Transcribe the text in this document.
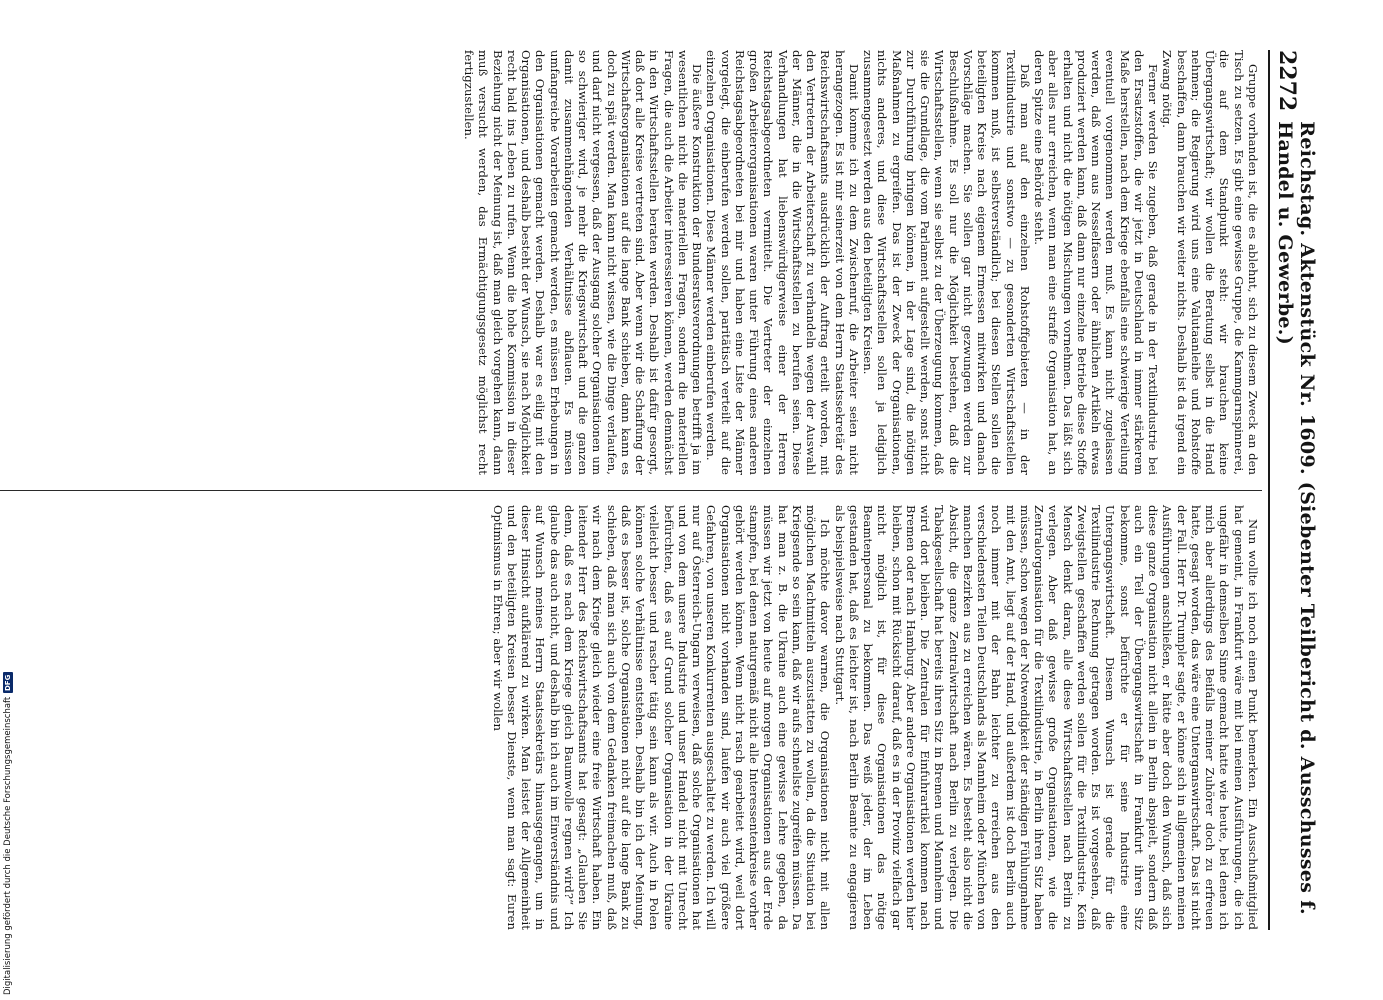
2272
Reichstag. Aktenstück Nr. 1609. (Siebenter Teilbericht d. Ausschusses f. Handel u. Gewerbe.)

Gruppe vorhanden ist, die es ablehnt, sich zu diesem Zweck an den Tisch zu setzen. Es gibt eine gewisse Gruppe, die Kammgarnspinnerei, die auf dem Standpunkt steht: wir brauchen keine Übergangswirtschaft; wir wollen die Beratung selbst in die Hand nehmen; die Regierung wird uns eine Valutaanleihe und Rohstoffe beschaffen, dann brauchen wir weiter nichts. Deshalb ist da irgend ein Zwang nötig.

Ferner werden Sie zugeben, daß gerade in der Textilindustrie bei den Ersatzstoffen, die wir jetzt in Deutschland in immer stärkerem Maße herstellen, nach dem Kriege ebenfalls eine schwierige Verteilung eventuell vorgenommen werden muß. Es kann nicht zugelassen werden, daß wenn aus Nesselfasern oder ähnlichen Artikeln etwas produziert werden kann, daß dann nur einzelne Betriebe diese Stoffe erhalten und nicht die nötigen Mischungen vornehmen. Das läßt sich aber alles nur erreichen, wenn man eine straffe Organisation hat, an deren Spitze eine Behörde steht.

Daß man auf den einzelnen Rohstoffgebieten — in der Textilindustrie und sonstwo — zu gesonderten Wirtschaftsstellen kommen muß, ist selbstverständlich; bei diesen Stellen sollen die beteiligten Kreise nach eigenem Ermessen mitwirken und danach Vorschläge machen. Sie sollen gar nicht gezwungen werden zur Beschlußnahme. Es soll nur die Möglichkeit bestehen, daß die Wirtschaftsstellen, wenn sie selbst zu der Überzeugung kommen, daß sie die Grundlage, die vom Parlament aufgestellt werden, sonst nicht zur Durchführung bringen können, in der Lage sind, die nötigen Maßnahmen zu ergreifen. Das ist der Zweck der Organisationen, nichts anderes, und diese Wirtschaftsstellen sollen ja lediglich zusammengesetzt werden aus den beteiligten Kreisen.

Damit komme ich zu dem Zwischenruf, die Arbeiter seien nicht herangezogen. Es ist mir seinerzeit von dem Herrn Staatssekretär des Reichswirtschaftsamts ausdrücklich der Auftrag erteilt worden, mit den Vertretern der Arbeiterschaft zu verhandeln wegen der Auswahl der Männer, die in die Wirtschaftsstellen zu berufen seien. Diese Verhandlungen hat liebenswürdigerweise einer der Herren Reichstagsabgeordneten vermittelt. Die Vertreter der einzelnen großen Arbeiterorganisationen waren unter Führung eines anderen Reichstagsabgeordneten bei mir und haben eine Liste der Männer vorgelegt, die einberufen werden sollen, paritätisch verteilt auf die einzelnen Organisationen. Diese Männer werden einberufen werden.

Die äußere Konstruktion der Bundesratsverordnungen betrifft ja im wesentlichen nicht die materiellen Fragen, sondern die materiellen Fragen, die auch die Arbeiter interessieren können, werden demnächst in den Wirtschaftsstellen beraten werden. Deshalb ist dafür gesorgt, daß dort alle Kreise vertreten sind. Aber wenn wir die Schaffung der Wirtschaftsorganisationen auf die lange Bank schieben, dann kann es doch zu spät werden. Man kann nicht wissen, wie die Dinge verlaufen, und darf nicht vergessen, daß der Ausgang solcher Organisationen um so schwieriger wird, je mehr die Kriegswirtschaft und die ganzen damit zusammenhängenden Verhältnisse abflauen. Es müssen umfangreiche Vorarbeiten gemacht werden, es müssen Erhebungen in den Organisationen gemacht werden. Deshalb war es eilig mit den Organisationen, und deshalb besteht der Wunsch, sie nach Möglichkeit recht bald ins Leben zu rufen. Wenn die hohe Kommission in dieser Beziehung nicht der Meinung ist, daß man gleich vorgehen kann, dann muß versucht werden, das Ermächtigungsgesetz möglichst recht fertigzustellen.

Nun wollte ich noch einen Punkt bemerken. Ein Ausschußmitglied hat gemeint, in Frankfurt wäre mit bei meinen Ausführungen, die ich ungefähr in demselben Sinne gemacht hatte wie heute, bei denen ich mich aber allerdings des Beifalls meiner Zuhörer doch zu erfreuen hatte, gesagt worden, das wäre eine Unterganswirtschaft. Das ist nicht der Fall. Herr Dr. Trumpler sagte, er könne sich in allgemeinen meinen Ausführungen anschließen, er hätte aber doch den Wunsch, daß sich diese ganze Organisation nicht allein in Berlin abspielt, sondern daß auch ein Teil der Übergangswirtschaft in Frankfurt ihren Sitz bekomme, sonst befürchte er für seine Industrie eine Untergangswirtschaft. Diesem Wunsch ist gerade für die Textilindustrie Rechnung getragen worden. Es ist vorgesehen, daß Zweigstellen geschaffen werden sollen für die Textilindustrie. Kein Mensch denkt daran, alle diese Wirtschaftsstellen nach Berlin zu verlegen. Aber daß gewisse große Organisationen, wie die Zentralorganisation für die Textilindustrie, in Berlin ihren Sitz haben müssen, schon wegen der Notwendigkeit der ständigen Fühlungnahme mit den Amt, liegt auf der Hand, und außerdem ist doch Berlin auch noch immer mit der Bahn leichter zu erreichen aus den verschiedensten Teilen Deutschlands als Mannheim oder München von manchen Bezirken aus zu erreichen wären. Es besteht also nicht die Absicht, die ganze Zentralwirtschaft nach Berlin zu verlegen. Die Tabakgesellschaft hat bereits ihren Sitz in Bremen und Mannheim und wird dort bleiben. Die Zentralen für Einfuhrartikel kommen nach Bremen oder nach Hamburg. Aber andere Organisationen werden hier bleiben, schon mit Rücksicht darauf, daß es in der Provinz vielfach gar nicht möglich ist, für diese Organisationen das nötige Beamtenpersonal zu bekommen. Das weiß jeder, der im Leben gestanden hat, daß es leichter ist, nach Berlin Beamte zu engagieren als beispielsweise nach Stuttgart.

Ich möchte davor warnen, die Organisationen nicht mit allen möglichen Machtmitteln auszustatten zu wollen, da die Situation bei Kriegsende so sein kann, daß wir aufs schnellste zugreifen müssen. Da hat man z. B. die Ukraine auch eine gewisse Lehre gegeben, da müssen wir jetzt von heute auf morgen Organisationen aus der Erde stampfen, bei denen naturgemäß nicht alle Interessentenkreise vorher gehört werden können. Wenn nicht rasch gearbeitet wird, weil dort Organisationen nicht vorhanden sind, laufen wir auch viel größere Gefahren, von unseren Konkurrenten ausgeschaltet zu werden. Ich will nur auf Österreich-Ungarn verweisen, daß solche Organisationen hat und von dem unsere Industrie und unser Handel nicht mit Unrecht befürchten, daß es auf Grund solcher Organisation in der Ukraine vielleicht besser und rascher tätig sein kann als wir. Auch in Polen können solche Verhältnisse entstehen. Deshalb bin ich der Meinung, daß es besser ist, solche Organisationen nicht auf die lange Bank zu schieben, daß man sich auch von dem Gedanken freimachen muß, daß wir nach dem Kriege gleich wieder eine freie Wirtschaft haben. Ein leitender Herr des Reichswirtschaftsamts hat gesagt: „Glauben Sie denn, daß es nach dem Kriege gleich Baumwolle regnen wird?“ Ich glaube das auch nicht, und deshalb bin ich auch im Einverständnis und auf Wunsch meines Herrn Staatssekretärs hinausgegangen, um in dieser Hinsicht aufklärend zu wirken. Man leistet der Allgemeinheit und den beteiligten Kreisen besser Dienste, wenn man sagt: Euren Optimismus in Ehren; aber wir wollen

Digitalisierung gefördert durch die Deutsche Forschungsgemeinschaft
DFG
